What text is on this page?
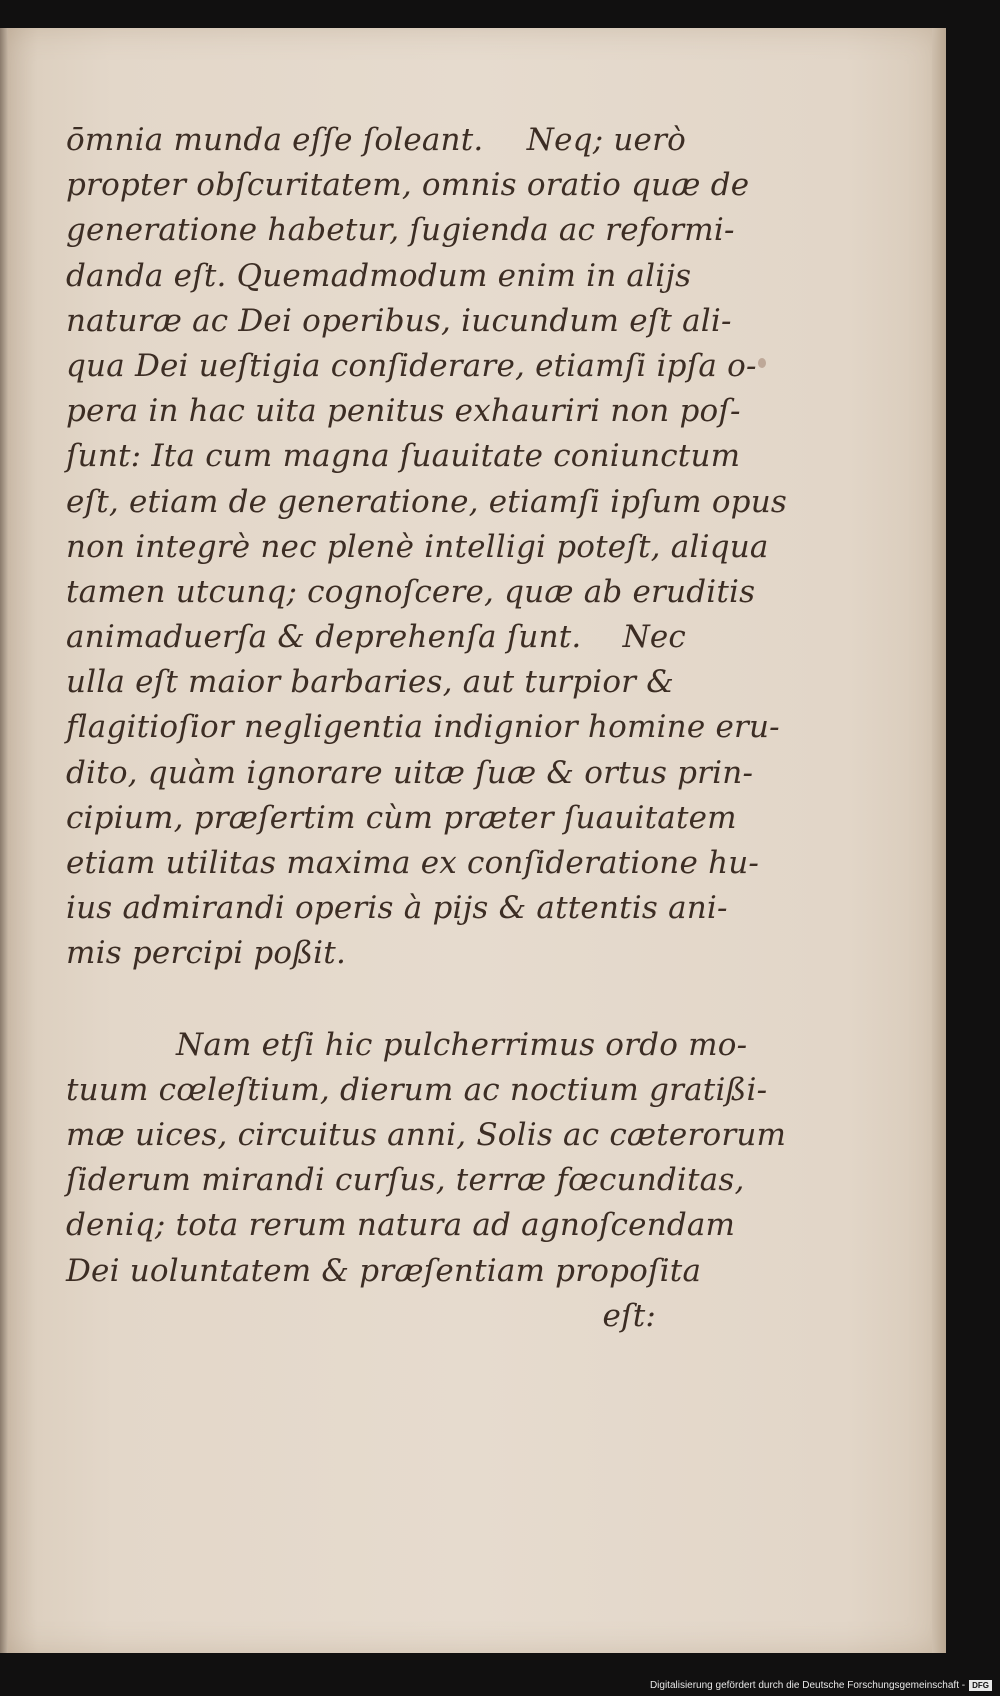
ōmnia munda eſſe ſoleant. Neq; uerò
propter obſcuritatem, omnis oratio quæ de
generatione habetur, ſugienda ac reformi-
danda eſt. Quemadmodum enim in alijs
naturæ ac Dei operibus, iucundum eſt ali-
qua Dei ueſtigia conſiderare, etiamſi ipſa o-
pera in hac uita penitus exhauriri non poſ-
ſunt: Ita cum magna ſuauitate coniunctum
eſt, etiam de generatione, etiamſi ipſum opus
non integrè nec plenè intelligi poteſt, aliqua
tamen utcunq; cognoſcere, quæ ab eruditis
animaduerſa & deprehenſa ſunt. Nec
ulla eſt maior barbaries, aut turpior &
flagitioſior negligentia indignior homine eru-
dito, quàm ignorare uitæ ſuæ & ortus prin-
cipium, præſertim cùm præter ſuauitatem
etiam utilitas maxima ex conſideratione hu-
ius admirandi operis à pijs & attentis ani-
mis percipi poßit.
Nam etſi hic pulcherrimus ordo mo-
tuum cœleſtium, dierum ac noctium gratißi-
mæ uices, circuitus anni, Solis ac cæterorum
ſiderum mirandi curſus, terræ fœcunditas,
deniq; tota rerum natura ad agnoſcendam
Dei uoluntatem & præſentiam propoſita
eſt:
Digitalisierung gefördert durch die Deutsche Forschungsgemeinschaft - DFG
